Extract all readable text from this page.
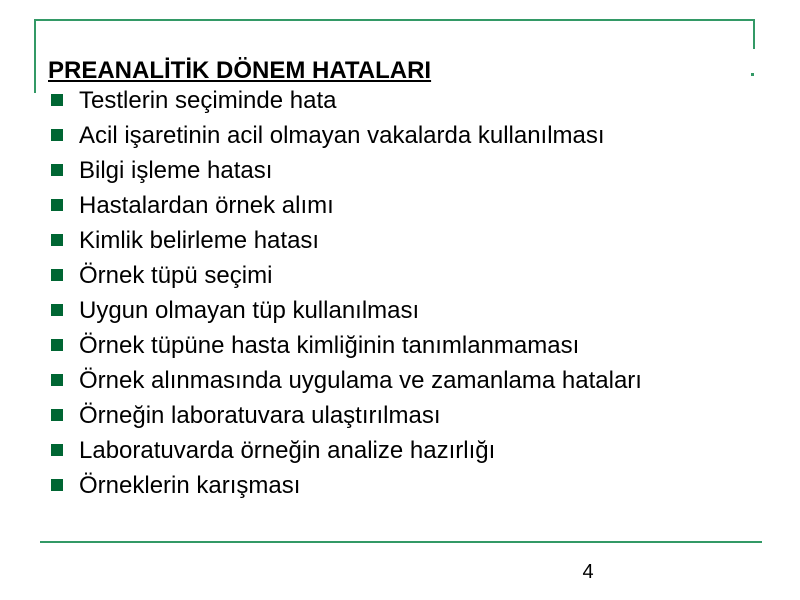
PREANALİTİK DÖNEM HATALARI
Testlerin seçiminde hata
Acil işaretinin acil olmayan vakalarda kullanılması
Bilgi işleme hatası
Hastalardan örnek alımı
Kimlik belirleme hatası
Örnek tüpü seçimi
Uygun olmayan tüp kullanılması
Örnek tüpüne hasta kimliğinin tanımlanmaması
Örnek alınmasında uygulama ve zamanlama hataları
Örneğin laboratuvara ulaştırılması
Laboratuvarda örneğin analize hazırlığı
Örneklerin karışması
4
